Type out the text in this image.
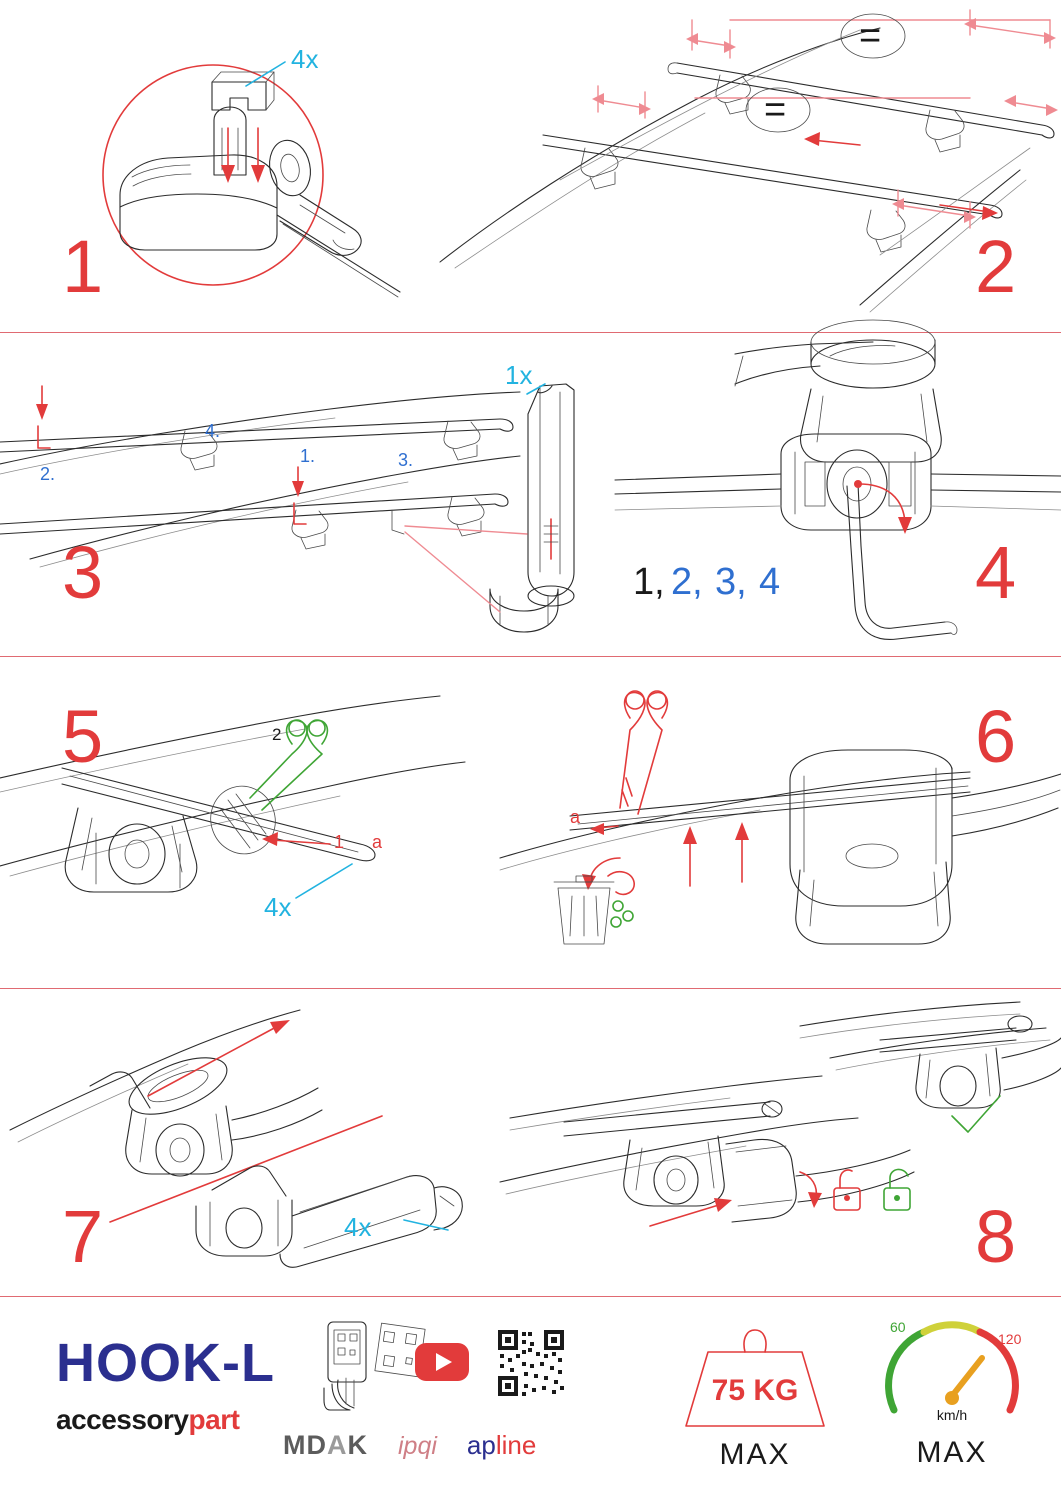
4x
1
=
=
2
2.
4.
1.	3.
1x
3	1, 2, 3, 4	4
2
1 a
4x
5
a
6
4x
7	8
HOOK-L
accessorypart
MDAK ipqi apline
75 KG
MAX
60
120
km/h
MAX
